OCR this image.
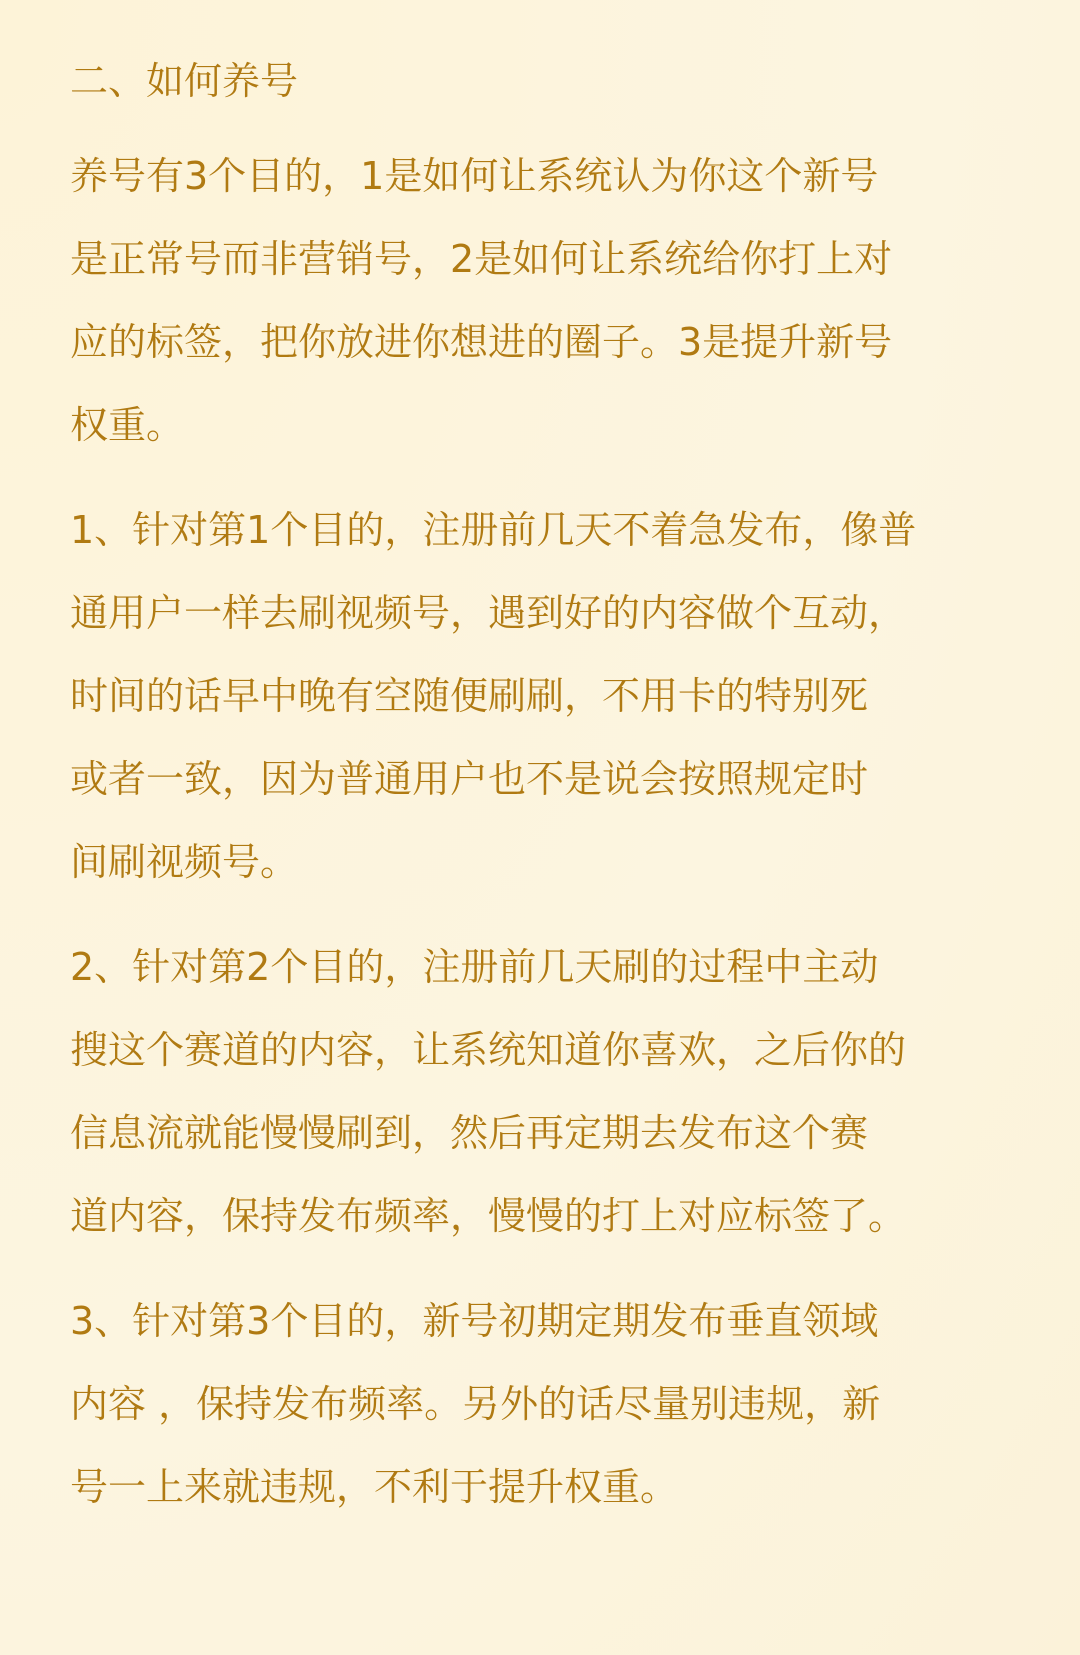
二、如何养号
养号有3个目的，1是如何让系统认为你这个新号
是正常号而非营销号，2是如何让系统给你打上对
应的标签，把你放进你想进的圈子。3是提升新号
权重。
1、针对第1个目的，注册前几天不着急发布，像普
通用户一样去刷视频号，遇到好的内容做个互动，
时间的话早中晚有空随便刷刷，不用卡的特别死
或者一致，因为普通用户也不是说会按照规定时
间刷视频号。
2、针对第2个目的，注册前几天刷的过程中主动
搜这个赛道的内容，让系统知道你喜欢，之后你的
信息流就能慢慢刷到，然后再定期去发布这个赛
道内容，保持发布频率，慢慢的打上对应标签了。
3、针对第3个目的，新号初期定期发布垂直领域
内容 ，保持发布频率。另外的话尽量别违规，新
号一上来就违规，不利于提升权重。
